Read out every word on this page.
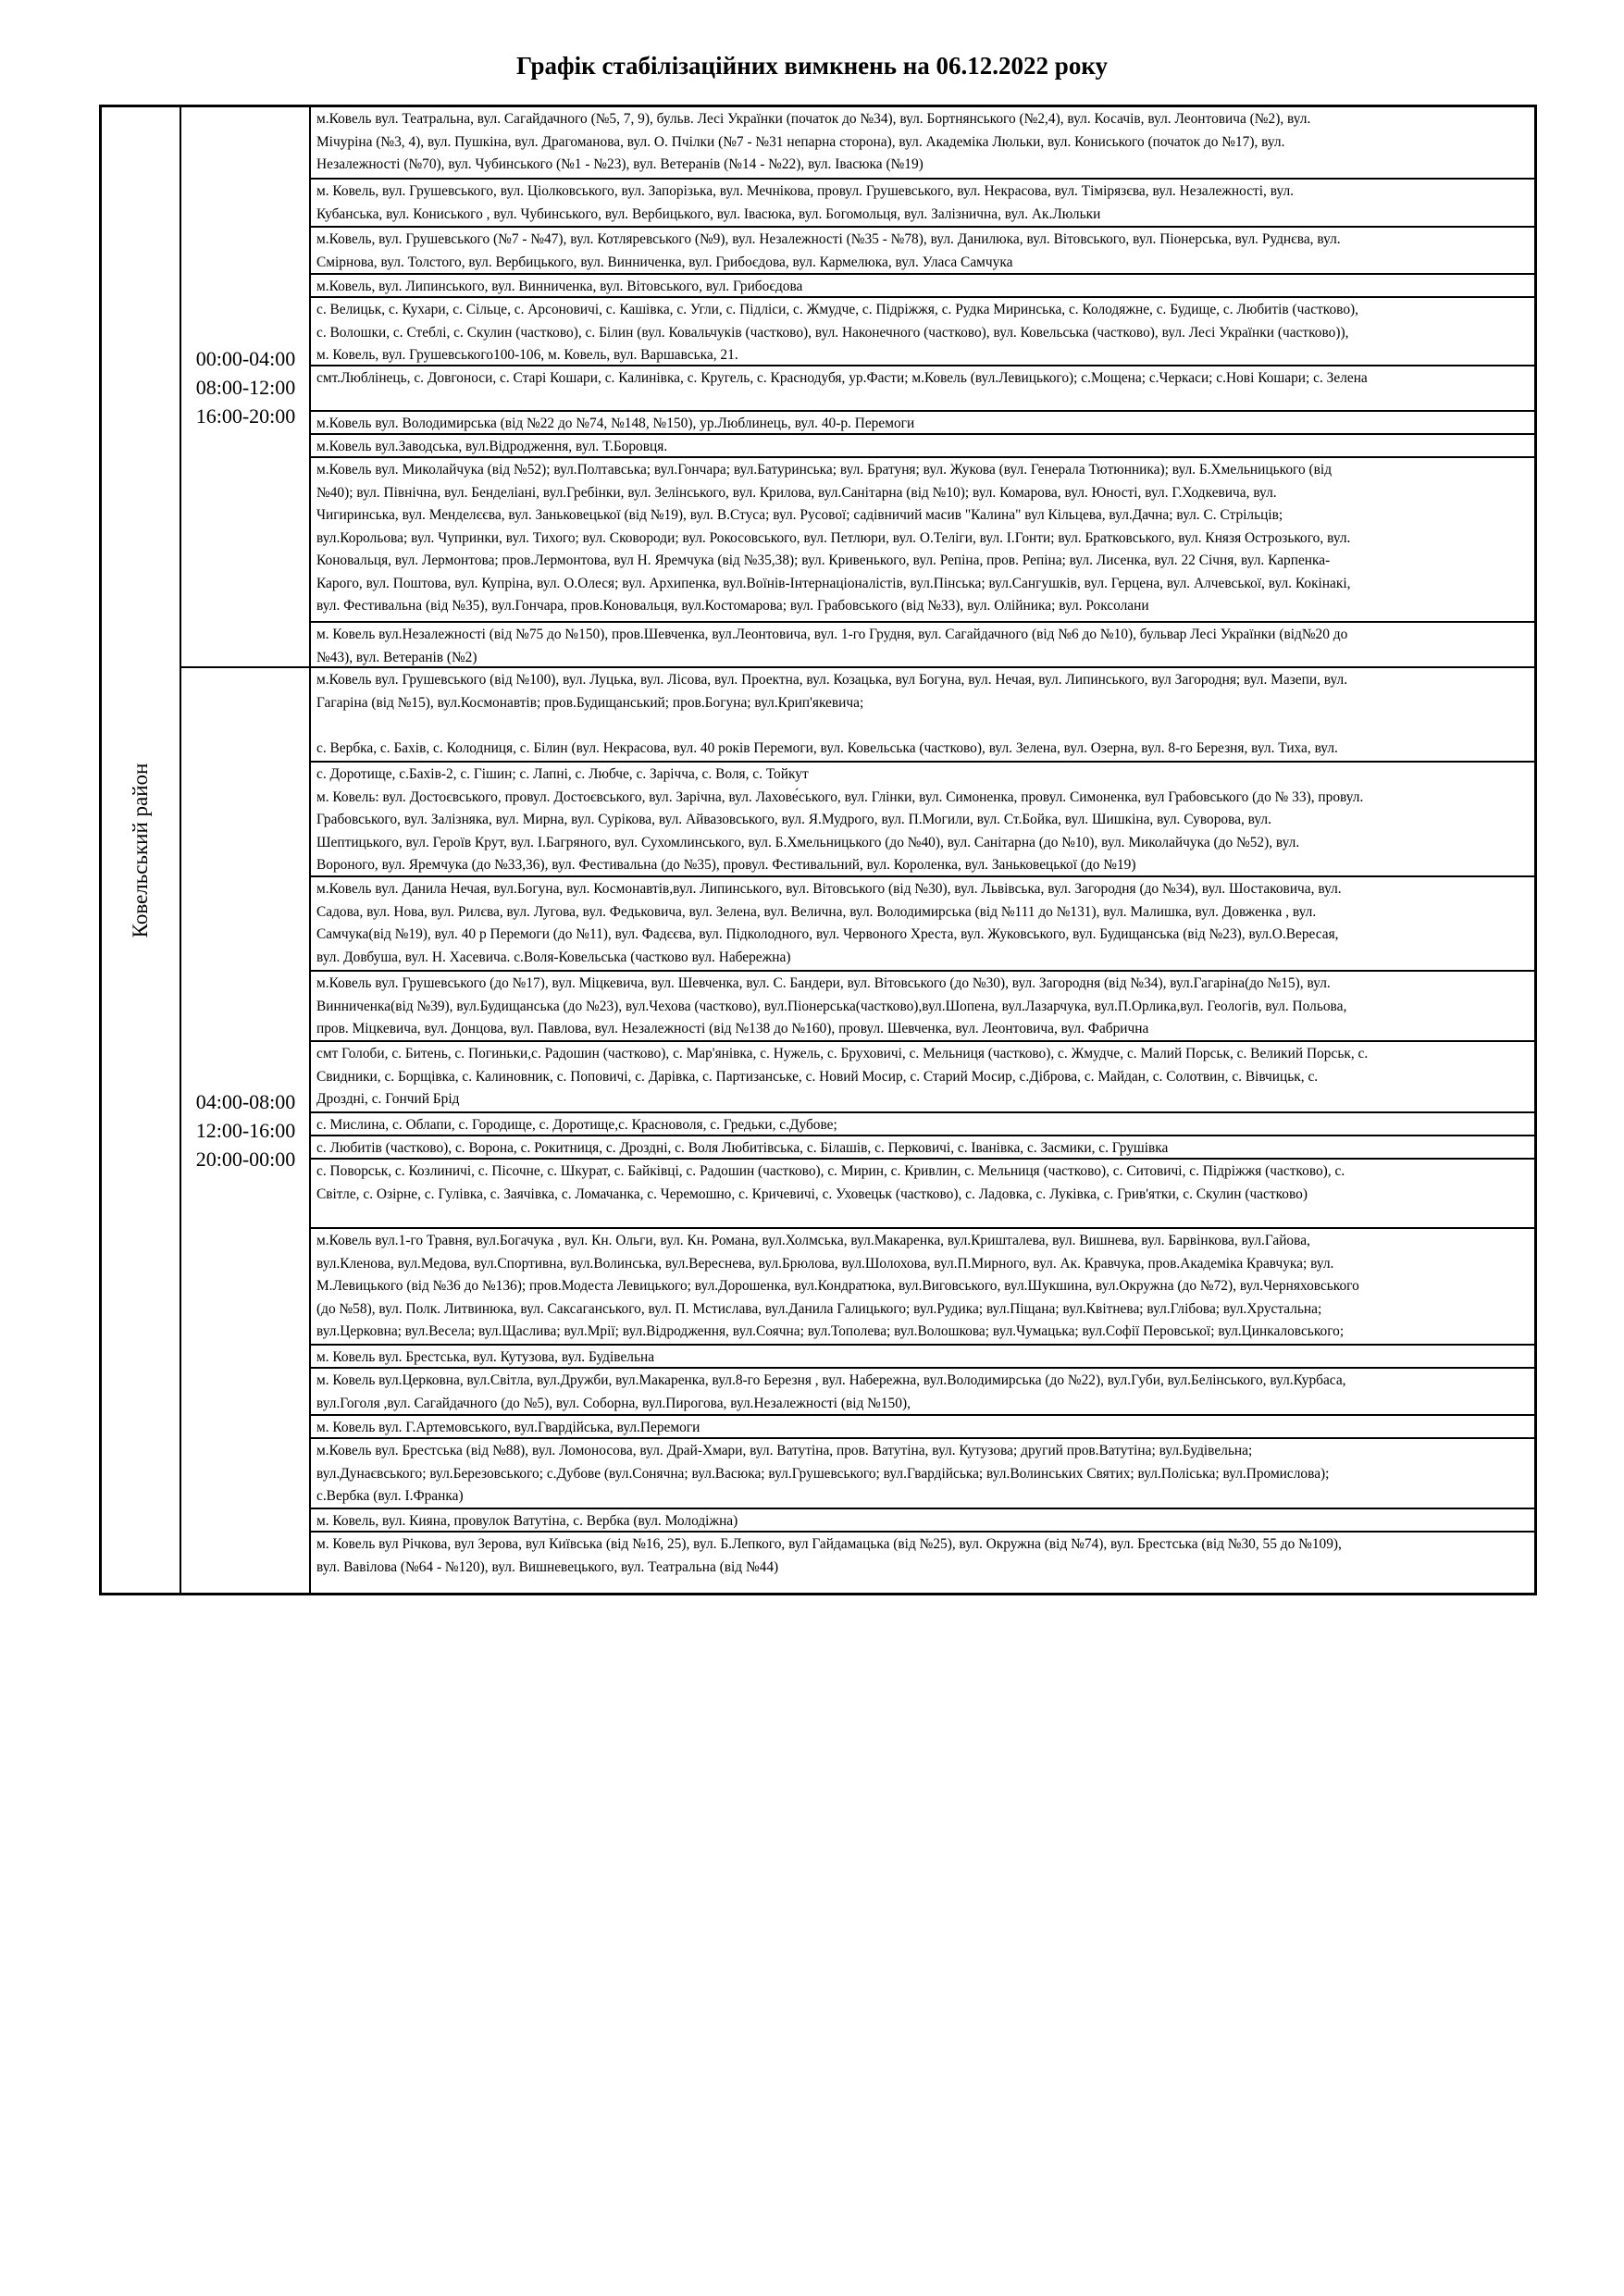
Графік стабілізаційних вимкнень на 06.12.2022 року
Ковельський район
00:00-04:00
08:00-12:00
16:00-20:00
04:00-08:00
12:00-16:00
20:00-00:00
м.Ковель вул. Театральна, вул. Сагайдачного (№5, 7, 9), бульв. Лесі Українки (початок до №34), вул. Бортнянського (№2,4), вул. Косачів, вул. Леонтовича (№2), вул.
Мічуріна (№3, 4), вул. Пушкіна, вул. Драгоманова, вул. О. Пчілки (№7 - №31 непарна сторона), вул. Академіка Люльки, вул. Кониського (початок до №17), вул.
Незалежності (№70), вул. Чубинського (№1 - №23), вул. Ветеранів (№14 - №22), вул. Івасюка (№19)
м. Ковель, вул. Грушевського, вул. Ціолковського, вул. Запорізька, вул. Мечнікова, провул. Грушевського, вул. Некрасова, вул. Тімірязєва, вул. Незалежності, вул.
Кубанська, вул. Кониського , вул. Чубинського, вул. Вербицького, вул. Івасюка, вул. Богомольця, вул. Залізнична, вул. Ак.Люльки
м.Ковель, вул. Грушевського (№7 - №47), вул. Котляревського (№9), вул. Незалежності (№35 - №78), вул. Данилюка, вул. Вітовського, вул. Піонерська, вул. Руднєва, вул.
Смірнова, вул. Толстого, вул. Вербицького, вул. Винниченка, вул. Грибоєдова, вул. Кармелюка, вул. Уласа Самчука
м.Ковель, вул. Липинського, вул. Винниченка, вул. Вітовського, вул. Грибоєдова
с. Велицьк, с. Кухари, с. Сільце, с. Арсоновичі, с. Кашівка, с. Угли, с. Підліси, с. Жмудче, с. Підріжжя, с. Рудка Миринська, с. Колодяжне, с. Будище, с. Любитів (частково),
с. Волошки, с. Стеблі, с. Скулин (частково), с. Білин (вул. Ковальчуків (частково), вул. Наконечного (частково), вул. Ковельська (частково), вул. Лесі Українки (частково)),
м. Ковель, вул. Грушевського100-106, м. Ковель, вул. Варшавська, 21.
смт.Люблінець, с. Довгоноси, с. Старі Кошари, с. Калинівка, с. Кругель, с. Краснодубя, ур.Фасти; м.Ковель (вул.Левицького); с.Мощена; с.Черкаси; с.Нові Кошари; с. Зелена
м.Ковель вул. Володимирська (від №22 до №74, №148, №150), ур.Люблинець, вул. 40-р. Перемоги
м.Ковель вул.Заводська, вул.Відродження, вул. Т.Боровця.
м.Ковель вул. Миколайчука (від №52); вул.Полтавська; вул.Гончара; вул.Батуринська; вул. Братуня; вул. Жукова (вул. Генерала Тютюнника); вул. Б.Хмельницького (від
№40); вул. Північна, вул. Бенделіані, вул.Гребінки, вул. Зелінського, вул. Крилова, вул.Санітарна (від №10); вул. Комарова, вул. Юності, вул. Г.Ходкевича, вул.
Чигиринська, вул. Менделєєва, вул. Заньковецької (від №19), вул. В.Стуса; вул. Русової; садівничий масив "Калина" вул Кільцева, вул.Дачна; вул. С. Стрільців;
вул.Корольова; вул. Чупринки, вул. Тихого; вул. Сковороди; вул. Рокосовського, вул. Петлюри, вул. О.Теліги, вул. І.Гонти; вул. Братковського, вул. Князя Острозького, вул.
Коновальця, вул. Лермонтова; пров.Лермонтова, вул Н. Яремчука (від №35,38); вул. Кривенького, вул. Репіна, пров. Репіна; вул. Лисенка, вул. 22 Січня, вул. Карпенка-
Карого, вул. Поштова, вул. Купріна, вул. О.Олеся; вул. Архипенка, вул.Воїнів-Інтернаціоналістів, вул.Пінська; вул.Сангушків, вул. Герцена, вул. Алчевської, вул. Кокінакі,
вул. Фестивальна (від №35), вул.Гончара, пров.Коновальця, вул.Костомарова; вул. Грабовського (від №33), вул. Олійника; вул. Роксолани
м. Ковель вул.Незалежності (від №75 до №150), пров.Шевченка, вул.Леонтовича, вул. 1-го Грудня, вул. Сагайдачного (від №6 до №10), бульвар Лесі Українки (від№20 до
№43), вул. Ветеранів (№2)
м.Ковель вул. Грушевського (від №100), вул. Луцька, вул. Лісова, вул. Проектна, вул. Козацька, вул Богуна, вул. Нечая, вул. Липинського, вул Загородня; вул. Мазепи, вул.
Гагаріна (від №15), вул.Космонавтів; пров.Будищанський; пров.Богуна; вул.Крип'якевича;

с. Вербка, с. Бахів, с. Колодниця, с. Білин (вул. Некрасова, вул. 40 років Перемоги, вул. Ковельська (частково), вул. Зелена, вул. Озерна, вул. 8-го Березня, вул. Тиха, вул.

с. Доротище, с.Бахів-2, с. Гішин; с. Лапні, с. Любче, с. Зарічча, с. Воля, с. Тойкут
м. Ковель: вул. Достоєвського, провул. Достоєвського, вул. Зарічна, вул. Лахове́ського, вул. Глінки, вул. Симоненка, провул. Симоненка, вул Грабовського (до № 33), провул.
Грабовського, вул. Залізняка, вул. Мирна, вул. Сурікова, вул. Айвазовського, вул. Я.Мудрого, вул. П.Могили, вул. Ст.Бойка, вул. Шишкіна, вул. Суворова, вул.
Шептицького, вул. Героїв Крут, вул. І.Багряного, вул. Сухомлинського, вул. Б.Хмельницького (до №40), вул. Санітарна (до №10), вул. Миколайчука (до №52), вул.
Вороного, вул. Яремчука (до №33,36), вул. Фестивальна (до №35), провул. Фестивальний, вул. Короленка, вул. Заньковецької (до №19)

м.Ковель вул. Данила Нечая, вул.Богуна, вул. Космонавтів,вул. Липинського, вул. Вітовського (від №30), вул. Львівська, вул. Загородня (до №34), вул. Шостаковича, вул.
Садова, вул. Нова, вул. Рилєва, вул. Лугова, вул. Федьковича, вул. Зелена, вул. Велична, вул. Володимирська (від №111 до №131), вул. Малишка, вул. Довженка , вул.
Самчука(від №19), вул. 40 р Перемоги (до №11), вул. Фадєєва, вул. Підколодного, вул. Червоного Хреста, вул. Жуковського, вул. Будищанська (від №23), вул.О.Вересая,
вул. Довбуша, вул. Н. Хасевича. с.Воля-Ковельська (частково вул. Набережна)
м.Ковель вул. Грушевського (до №17), вул. Міцкевича, вул. Шевченка, вул. С. Бандери, вул. Вітовського (до №30), вул. Загородня (від №34), вул.Гагаріна(до №15), вул.
Винниченка(від №39), вул.Будищанська (до №23), вул.Чехова (частково), вул.Піонерська(частково),вул.Шопена, вул.Лазарчука, вул.П.Орлика,вул. Геологів, вул. Польова,
пров. Міцкевича, вул. Донцова, вул. Павлова, вул. Незалежності (від №138 до №160), провул. Шевченка, вул. Леонтовича, вул. Фабрична
смт Голоби, с. Битень, с. Погиньки,с. Радошин (частково), с. Мар'янівка, с. Нужель, с. Бруховичі, с. Мельниця (частково), с. Жмудче, с. Малий Порськ, с. Великий Порськ, с.
Свидники, с. Борщівка, с. Калиновник, с. Поповичі, с. Дарівка, с. Партизанське, с. Новий Мосир, с. Старий Мосир, с.Діброва, с. Майдан, с. Солотвин, с. Вівчицьк, с.
Дроздні, с. Гончий Брід
с. Мислина, с. Облапи, с. Городище, с. Доротище,с. Красноволя, с. Гредьки, с.Дубове;
с. Любитів (частково), с. Ворона, с. Рокитниця, с. Дроздні, с. Воля Любитівська, с. Білашів, с. Перковичі, с. Іванівка, с. Засмики, с. Грушівка
с. Поворськ, с. Козлиничі, с. Пісочне, с. Шкурат, с. Байківці, с. Радошин (частково), с. Мирин, с. Кривлин, с. Мельниця (частково), с. Ситовичі, с. Підріжжя (частково), с.
Світле, с. Озірне, с. Гулівка, с. Заячівка, с. Ломачанка, с. Черемошно, с. Кричевичі, с. Уховецьк (частково), с. Ладовка, с. Луківка, с. Грив'ятки, с. Скулин (частково)
м.Ковель вул.1-го Травня, вул.Богачука , вул. Кн. Ольги, вул. Кн. Романа, вул.Холмська, вул.Макаренка, вул.Кришталева, вул. Вишнева, вул. Барвінкова, вул.Гайова,
вул.Кленова, вул.Медова, вул.Спортивна, вул.Волинська, вул.Вереснева, вул.Брюлова, вул.Шолохова, вул.П.Мирного, вул. Ак. Кравчука, пров.Академіка Кравчука; вул.
М.Левицького (від №36 до №136); пров.Модеста Левицького; вул.Дорошенка, вул.Кондратюка, вул.Виговського, вул.Шукшина, вул.Окружна (до №72), вул.Черняховського
(до №58), вул. Полк. Литвинюка, вул. Саксаганського, вул. П. Мстислава, вул.Данила Галицького; вул.Рудика; вул.Піщана; вул.Квітнева; вул.Глібова; вул.Хрустальна;
вул.Церковна; вул.Весела; вул.Щаслива; вул.Мрії; вул.Відродження, вул.Соячна; вул.Тополева; вул.Волошкова; вул.Чумацька; вул.Софії Перовської; вул.Цинкаловського;

м. Ковель вул. Брестська, вул. Кутузова, вул. Будівельна
м. Ковель вул.Церковна, вул.Світла, вул.Дружби, вул.Макаренка, вул.8-го Березня , вул. Набережна, вул.Володимирська (до №22), вул.Губи, вул.Белінського, вул.Курбаса,
вул.Гоголя ,вул. Сагайдачного (до №5), вул. Соборна, вул.Пирогова, вул.Незалежності (від №150),
м. Ковель вул. Г.Артемовського, вул.Гвардійська, вул.Перемоги
м.Ковель вул. Брестська (від №88), вул. Ломоносова, вул. Драй-Хмари, вул. Ватутіна, пров. Ватутіна, вул. Кутузова; другий пров.Ватутіна; вул.Будівельна;
вул.Дунаєвського; вул.Березовського; с.Дубове (вул.Сонячна; вул.Васюка; вул.Грушевського; вул.Гвардійська; вул.Волинських Святих; вул.Поліська; вул.Промислова);
с.Вербка (вул. І.Франка)
м. Ковель, вул. Кияна, провулок Ватутіна, с. Вербка (вул. Молодіжна)
м. Ковель вул Річкова, вул Зерова, вул Київська (від №16, 25), вул. Б.Лепкого, вул Гайдамацька (від №25), вул. Окружна (від №74), вул. Брестська (від №30, 55 до №109),
вул. Вавілова (№64 - №120), вул. Вишневецького, вул. Театральна (від №44)
